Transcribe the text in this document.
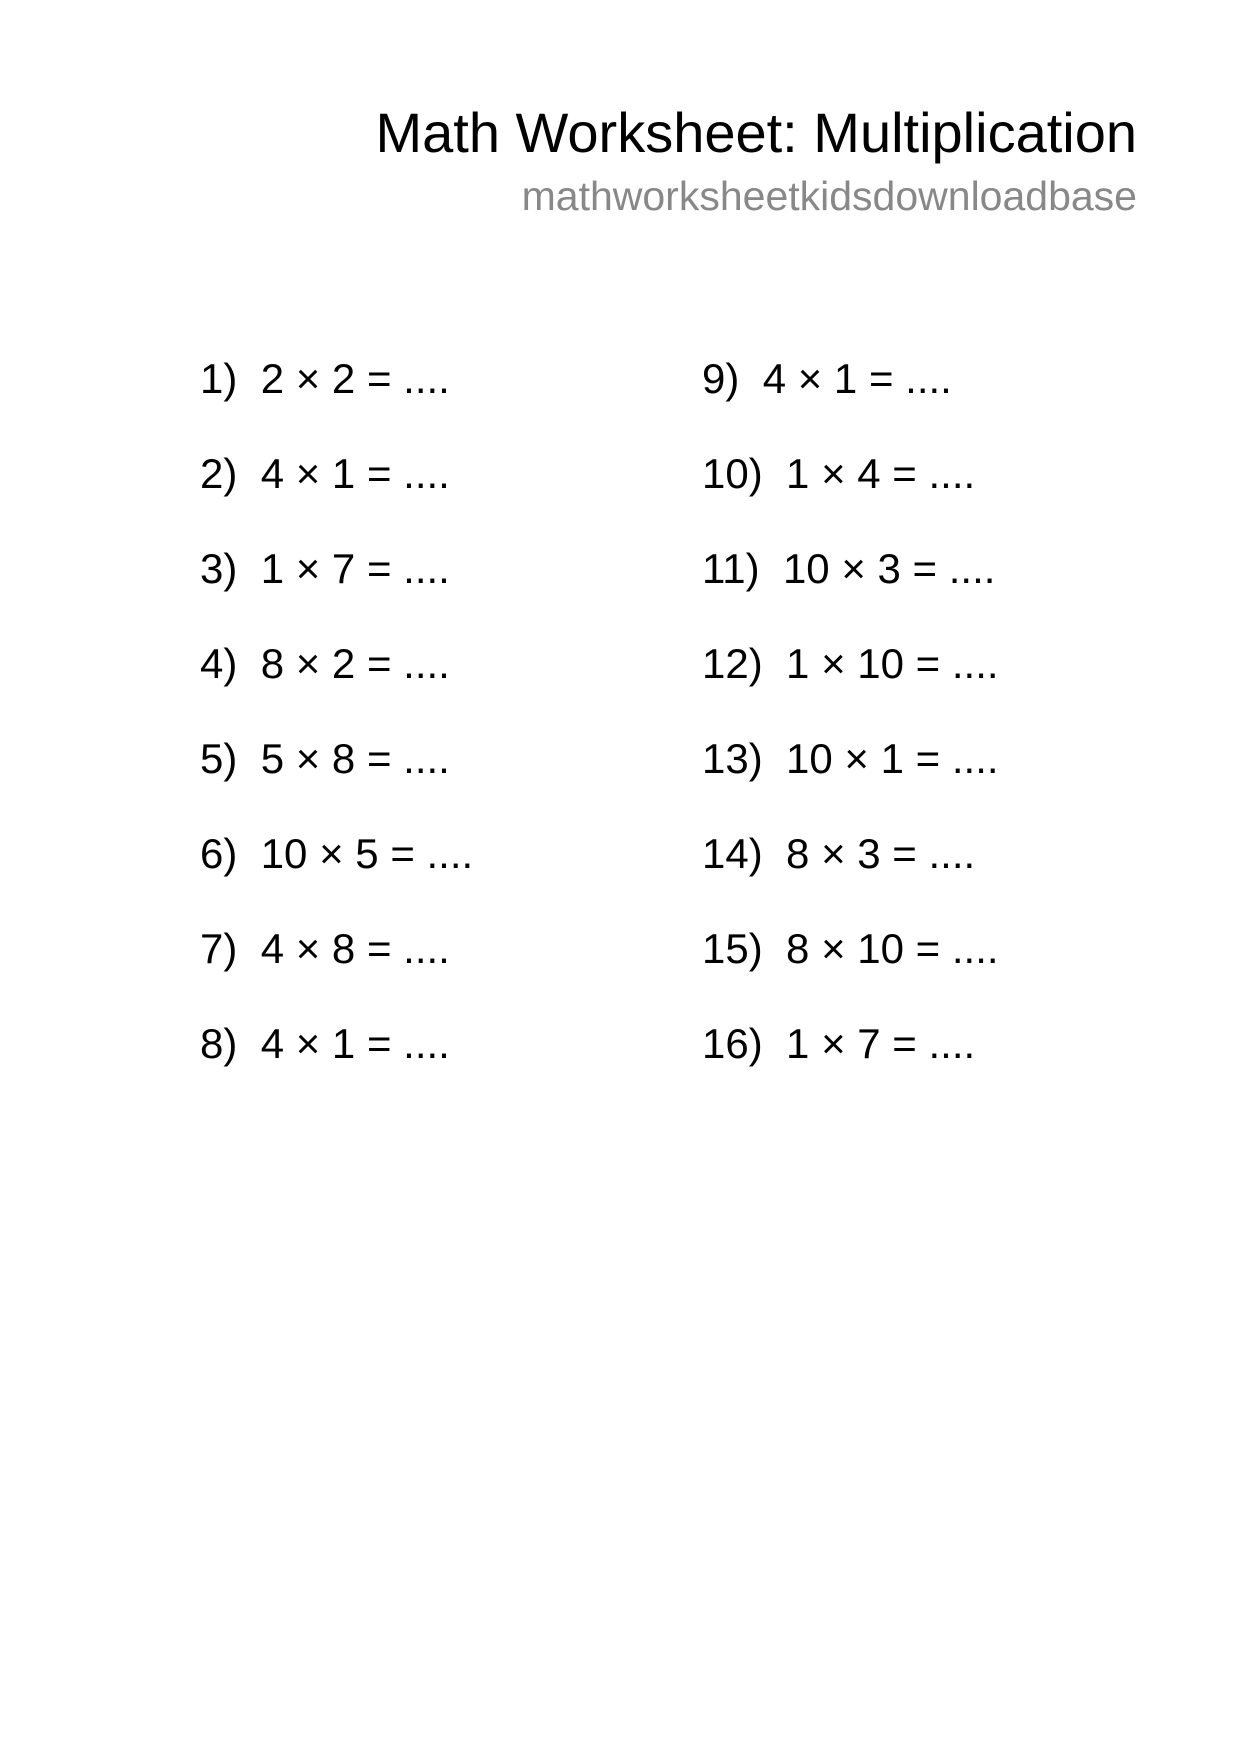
Math Worksheet: Multiplication
mathworksheetkidsdownloadbase
1) 2 × 2 = ....
2) 4 × 1 = ....
3) 1 × 7 = ....
4) 8 × 2 = ....
5) 5 × 8 = ....
6) 10 × 5 = ....
7) 4 × 8 = ....
8) 4 × 1 = ....
9) 4 × 1 = ....
10) 1 × 4 = ....
11) 10 × 3 = ....
12) 1 × 10 = ....
13) 10 × 1 = ....
14) 8 × 3 = ....
15) 8 × 10 = ....
16) 1 × 7 = ....
